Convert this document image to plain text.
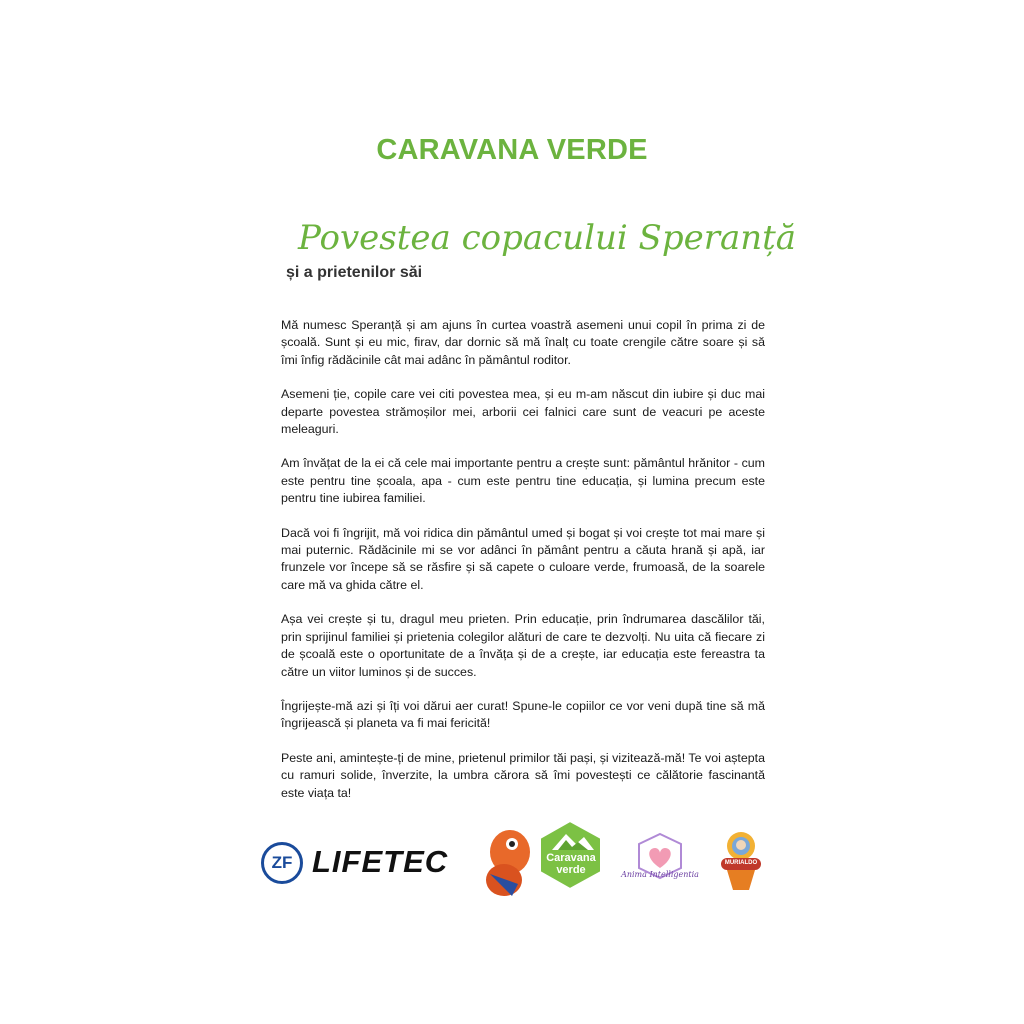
CARAVANA VERDE
Povestea copacului Speranță
și a prietenilor săi

Mă numesc Speranță și am ajuns în curtea voastră asemeni unui copil în prima zi de școală. Sunt și eu mic, firav, dar dornic să mă înalț cu toate crengile către soare și să îmi înfig rădăcinile cât mai adânc în pământul roditor.

Asemeni ție, copile care vei citi povestea mea, și eu m-am născut din iubire și duc mai departe povestea strămoșilor mei, arborii cei falnici care sunt de veacuri pe aceste meleaguri.

Am învățat de la ei că cele mai importante pentru a crește sunt: pământul hrănitor - cum este pentru tine școala, apa - cum este pentru tine educația, și lumina precum este pentru tine iubirea familiei.

Dacă voi fi îngrijit, mă voi ridica din pământul umed și bogat și voi crește tot mai mare și mai puternic. Rădăcinile mi se vor adânci în pământ pentru a căuta hrană și apă, iar frunzele vor începe să se răsfire și să capete o culoare verde, frumoasă, de la soarele care mă va ghida către el.

Așa vei crește și tu, dragul meu prieten. Prin educație, prin îndrumarea dascălilor tăi, prin sprijinul familiei și prietenia colegilor alături de care te dezvolți. Nu uita că fiecare zi de școală este o oportunitate de a învăța și de a crește, iar educația este fereastra ta către un viitor luminos și de succes.

Îngrijește-mă azi și îți voi dărui aer curat! Spune-le copiilor ce vor veni după tine să mă îngrijească și planeta va fi mai fericită!

Peste ani, amintește-ți de mine, prietenul primilor tăi pași, și vizitează-mă! Te voi aștepta cu ramuri solide, înverzite, la umbra cărora să îmi povestești ce călătorie fascinantă este viața ta!

ZF LIFETEC	Caravana verde	Anima Intelligentia
MURIALDO
